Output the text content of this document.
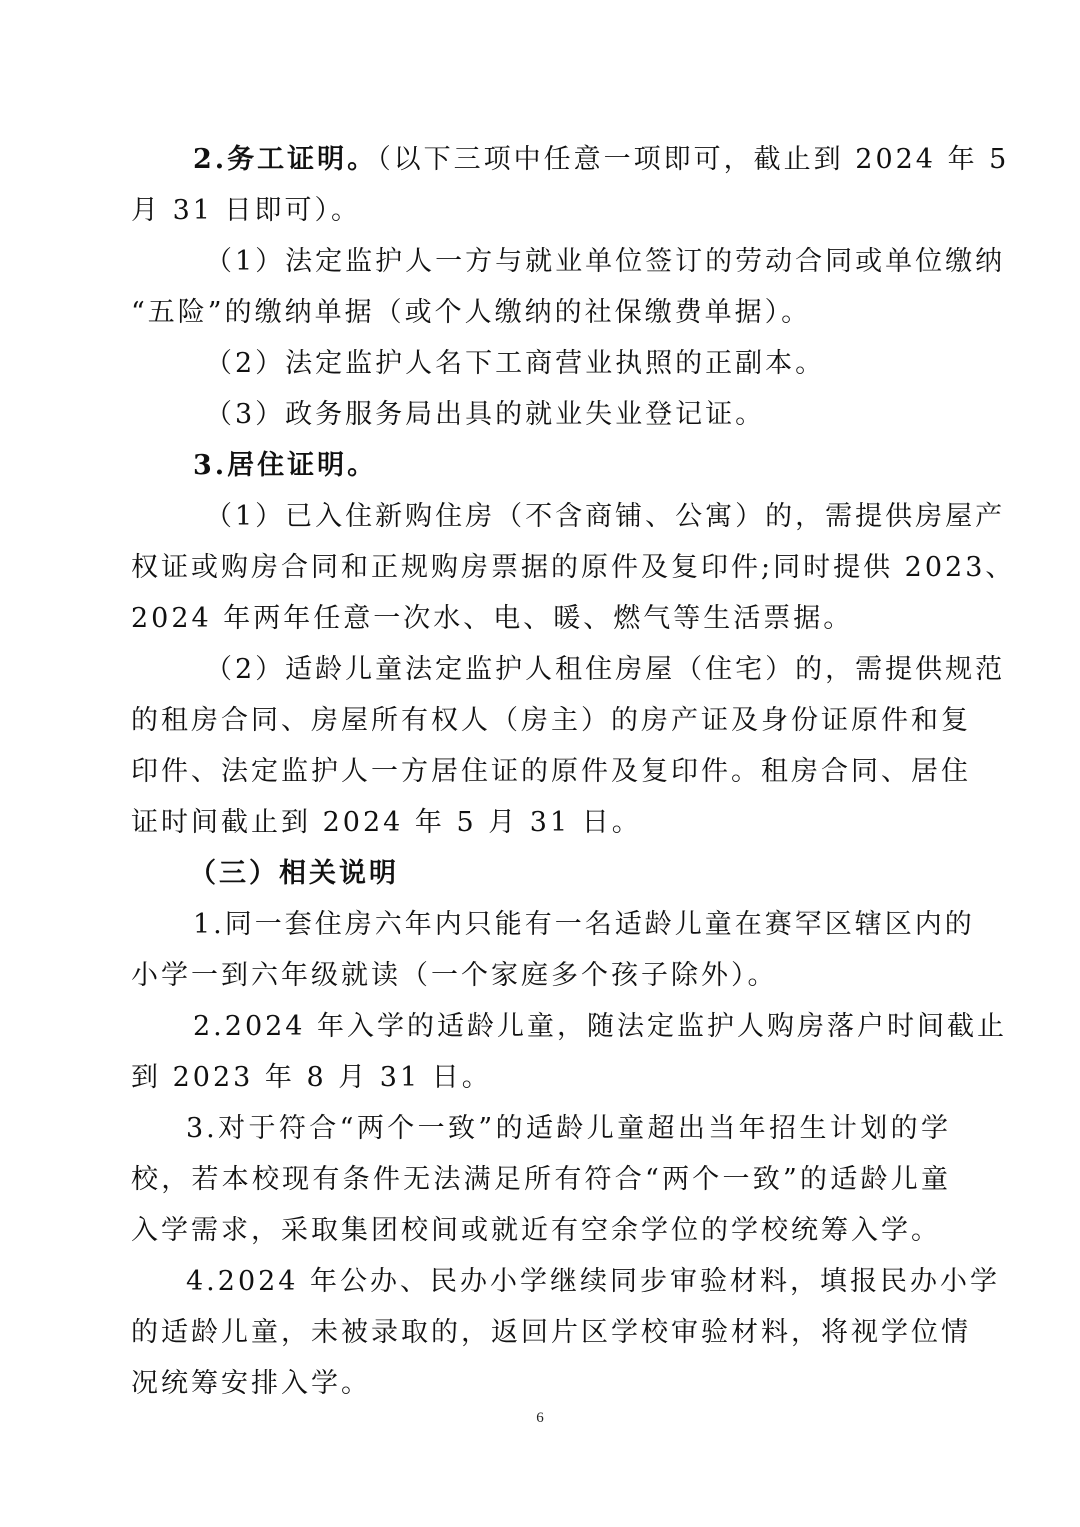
2.务工证明。（以下三项中任意一项即可，截止到 2024 年 5
月 31 日即可）。
（1）法定监护人一方与就业单位签订的劳动合同或单位缴纳
“五险”的缴纳单据（或个人缴纳的社保缴费单据）。
（2）法定监护人名下工商营业执照的正副本。
（3）政务服务局出具的就业失业登记证。
3.居住证明。
（1）已入住新购住房（不含商铺、公寓）的，需提供房屋产
权证或购房合同和正规购房票据的原件及复印件;同时提供 2023、
2024 年两年任意一次水、电、暖、燃气等生活票据。
（2）适龄儿童法定监护人租住房屋（住宅）的，需提供规范
的租房合同、房屋所有权人（房主）的房产证及身份证原件和复
印件、法定监护人一方居住证的原件及复印件。租房合同、居住
证时间截止到 2024 年 5 月 31 日。
（三）相关说明
1.同一套住房六年内只能有一名适龄儿童在赛罕区辖区内的
小学一到六年级就读（一个家庭多个孩子除外）。
2.2024 年入学的适龄儿童，随法定监护人购房落户时间截止
到 2023 年 8 月 31 日。
3.对于符合“两个一致”的适龄儿童超出当年招生计划的学
校，若本校现有条件无法满足所有符合“两个一致”的适龄儿童
入学需求，采取集团校间或就近有空余学位的学校统筹入学。
4.2024 年公办、民办小学继续同步审验材料，填报民办小学
的适龄儿童，未被录取的，返回片区学校审验材料，将视学位情
况统筹安排入学。
6
